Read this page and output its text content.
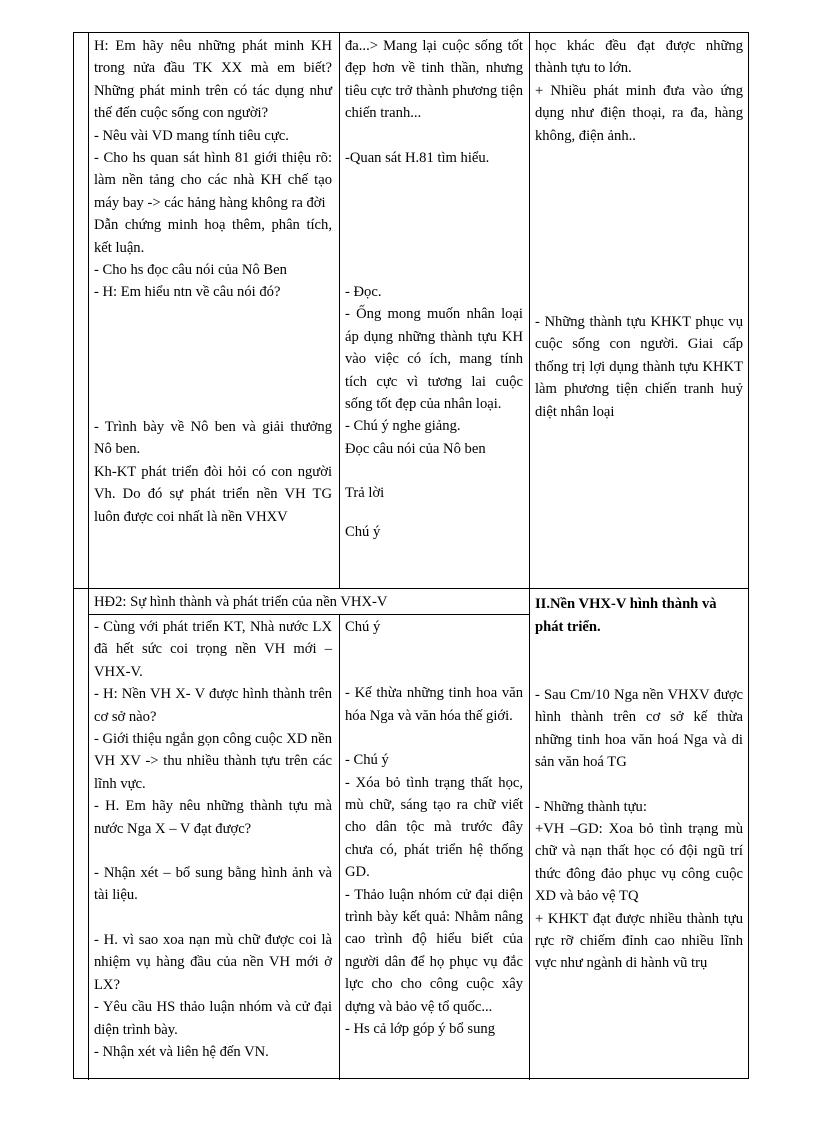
H: Em hãy nêu những phát minh KH trong nửa đầu TK XX mà em biết? Những phát minh trên có tác dụng như thế đến cuộc sống con người?

- Nêu vài VD mang tính tiêu cực.

- Cho hs quan sát hình 81 giới thiệu rõ: làm nền tảng cho các nhà KH chế tạo máy bay -> các hảng hàng không ra đời

Dẫn chứng minh hoạ thêm, phân tích, kết luận.

- Cho hs đọc câu nói của Nô Ben

- H: Em hiểu ntn về câu nói đó?

- Trình bày về Nô ben và giải thưởng Nô ben.

Kh-KT phát triển đòi hỏi có con người Vh. Do đó sự phát triển nền VH TG luôn được coi nhất là nền VHXV

đa...> Mang lại cuộc sống tốt đẹp hơn về tinh thần, nhưng tiêu cực trở thành phương tiện chiến tranh...

-Quan sát H.81 tìm hiểu.

- Đọc.

- Ống mong muốn nhân loại áp dụng những thành tựu KH vào việc có ích, mang tính tích cực vì tương lai cuộc sống tốt đẹp của nhân loại.

- Chú ý nghe giảng.

Đọc câu nói của Nô ben

Trả lời

Chú ý

học khác đều đạt được những thành tựu to lớn.

+ Nhiều phát minh đưa vào ứng dụng như điện thoại, ra đa, hàng không, điện ảnh..

- Những thành tựu KHKT phục vụ cuộc sống con người. Giai cấp thống trị lợi dụng thành tựu KHKT làm phương tiện chiến tranh huỷ diệt nhân loại

HĐ2: Sự hình thành và phát triển của nền VHX-V	II.Nền VHX-V hình thành và phát triển.

- Cùng với phát triển KT, Nhà nước LX đã hết sức coi trọng nền VH mới –VHX-V.

- H: Nền VH X- V được hình thành trên cơ sở nào?

- Giới thiệu ngắn gọn công cuộc XD nền VH XV -> thu nhiều thành tựu trên các lĩnh vực.

- H. Em hãy nêu những thành tựu mà nước Nga X – V đạt được?

- Nhận xét – bổ sung bằng hình ảnh và tài liệu.

- H. vì sao xoa nạn mù chữ được coi là nhiệm vụ hàng đầu của nền VH mới ở LX?

- Yêu cầu HS thảo luận nhóm và cử đại diện trình bày.

- Nhận xét và liên hệ đến VN.

Chú ý

- Kế thừa những tinh hoa văn hóa Nga và văn hóa thế giới.

- Chú ý

- Xóa bỏ tình trạng thất học, mù chữ, sáng tạo ra chữ viết cho dân tộc mà trước đây chưa có, phát triển hệ thống GD.

- Thảo luận nhóm cử đại diện trình bày kết quả: Nhằm nâng cao trình độ hiểu biết của người dân để họ phục vụ đắc lực cho cho công cuộc xây dựng và bảo vệ tổ quốc...

- Hs cả lớp góp ý bổ sung

- Sau Cm/10 Nga nền VHXV được hình thành trên cơ sở kế thừa những tinh hoa văn hoá Nga và di sản văn hoá TG

- Những thành tựu:

+VH –GD: Xoa bỏ tình trạng mù chữ và nạn thất học có đội ngũ trí thức đông đảo phục vụ công cuộc XD và bảo vệ TQ

+ KHKT đạt được nhiều thành tựu rực rỡ chiếm đỉnh cao nhiều lĩnh vực như ngành di hành vũ trụ
